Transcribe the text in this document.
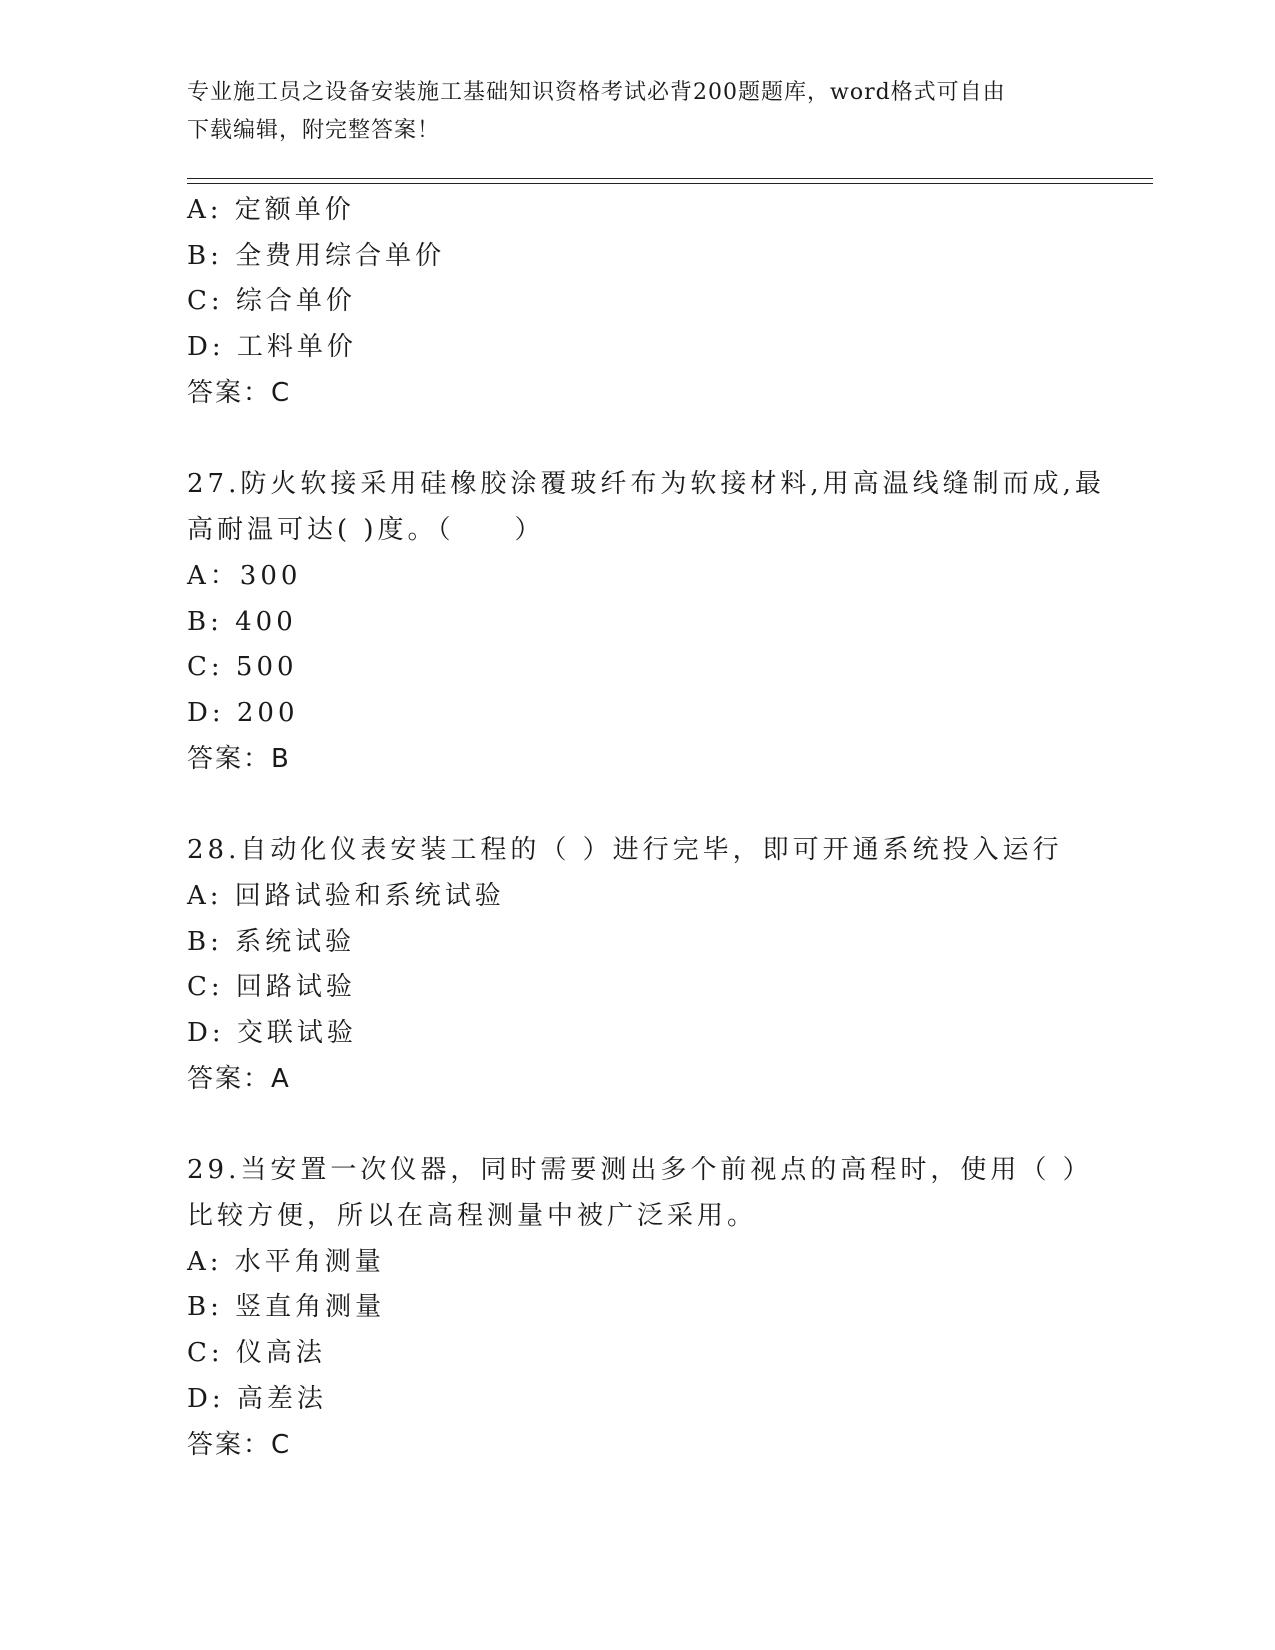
专业施工员之设备安装施工基础知识资格考试必背200题题库，word格式可自由
下载编辑，附完整答案！
A: 定额单价
B: 全费用综合单价
C: 综合单价
D: 工料单价
答案：C
27.防火软接采用硅橡胶涂覆玻纤布为软接材料,用高温线缝制而成,最
高耐温可达( )度。（　　）
A：300
B: 400
C: 500
D: 200
答案：B
28.自动化仪表安装工程的（ ）进行完毕，即可开通系统投入运行
A: 回路试验和系统试验
B: 系统试验
C: 回路试验
D: 交联试验
答案：A
29.当安置一次仪器，同时需要测出多个前视点的高程时，使用（ ）
比较方便，所以在高程测量中被广泛采用。
A: 水平角测量
B: 竖直角测量
C: 仪高法
D: 高差法
答案：C
